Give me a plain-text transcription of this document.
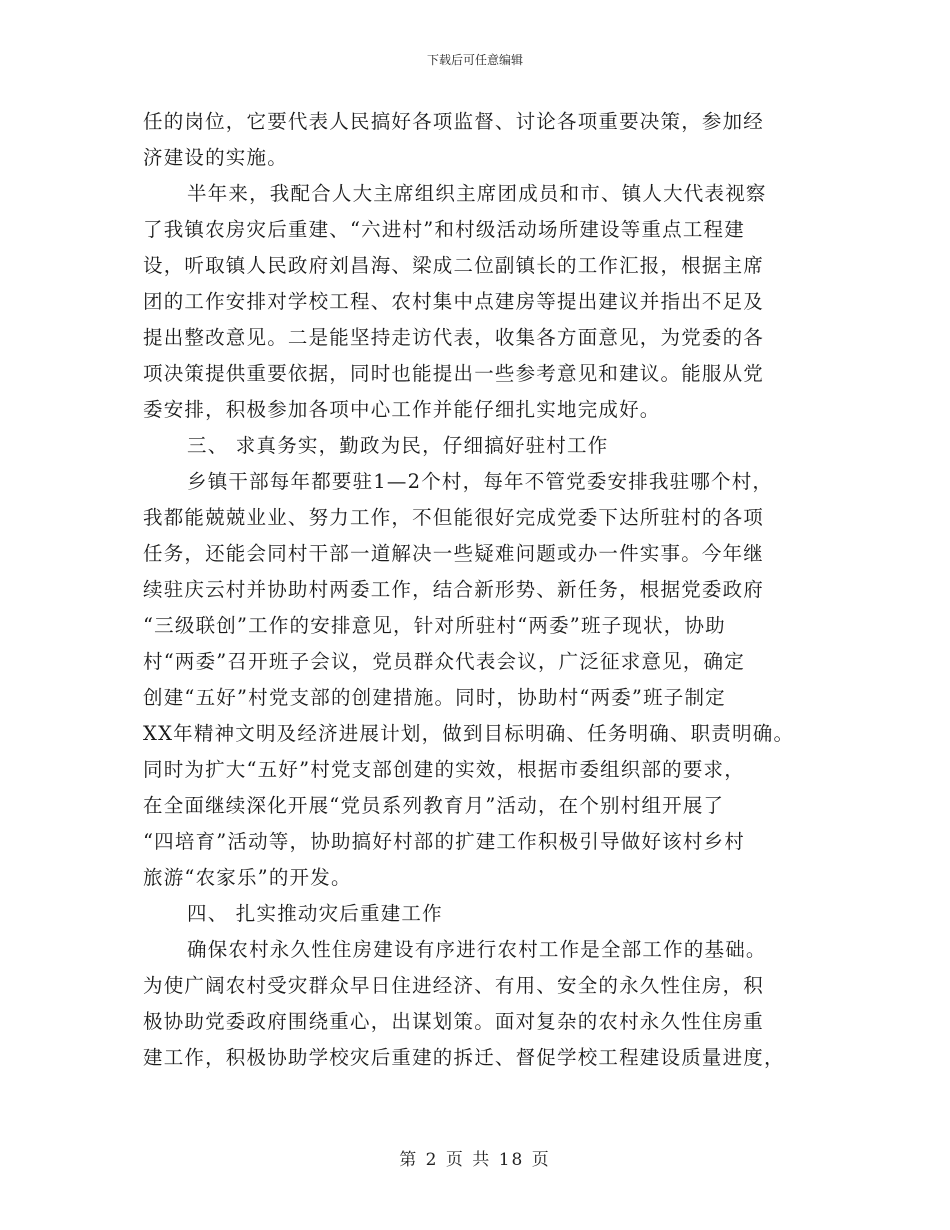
下载后可任意编辑
任的岗位，它要代表人民搞好各项监督、讨论各项重要决策，参加经
济建设的实施。
半年来，我配合人大主席组织主席团成员和市、镇人大代表视察
了我镇农房灾后重建、“六进村”和村级活动场所建设等重点工程建
设，听取镇人民政府刘昌海、梁成二位副镇长的工作汇报，根据主席
团的工作安排对学校工程、农村集中点建房等提出建议并指出不足及
提出整改意见。二是能坚持走访代表，收集各方面意见，为党委的各
项决策提供重要依据，同时也能提出一些参考意见和建议。能服从党
委安排，积极参加各项中心工作并能仔细扎实地完成好。
三、 求真务实，勤政为民，仔细搞好驻村工作
乡镇干部每年都要驻1—2个村，每年不管党委安排我驻哪个村，
我都能兢兢业业、努力工作，不但能很好完成党委下达所驻村的各项
任务，还能会同村干部一道解决一些疑难问题或办一件实事。今年继
续驻庆云村并协助村两委工作，结合新形势、新任务，根据党委政府
“三级联创”工作的安排意见，针对所驻村“两委”班子现状，协助
村“两委”召开班子会议，党员群众代表会议，广泛征求意见，确定
创建“五好”村党支部的创建措施。同时，协助村“两委”班子制定
XX年精神文明及经济进展计划，做到目标明确、任务明确、职责明确。
同时为扩大“五好”村党支部创建的实效，根据市委组织部的要求，
在全面继续深化开展“党员系列教育月”活动，在个别村组开展了
“四培育”活动等，协助搞好村部的扩建工作积极引导做好该村乡村
旅游“农家乐”的开发。
四、 扎实推动灾后重建工作
确保农村永久性住房建设有序进行农村工作是全部工作的基础。
为使广阔农村受灾群众早日住进经济、有用、安全的永久性住房，积
极协助党委政府围绕重心，出谋划策。面对复杂的农村永久性住房重
建工作，积极协助学校灾后重建的拆迁、督促学校工程建设质量进度，
第 2 页 共 18 页
